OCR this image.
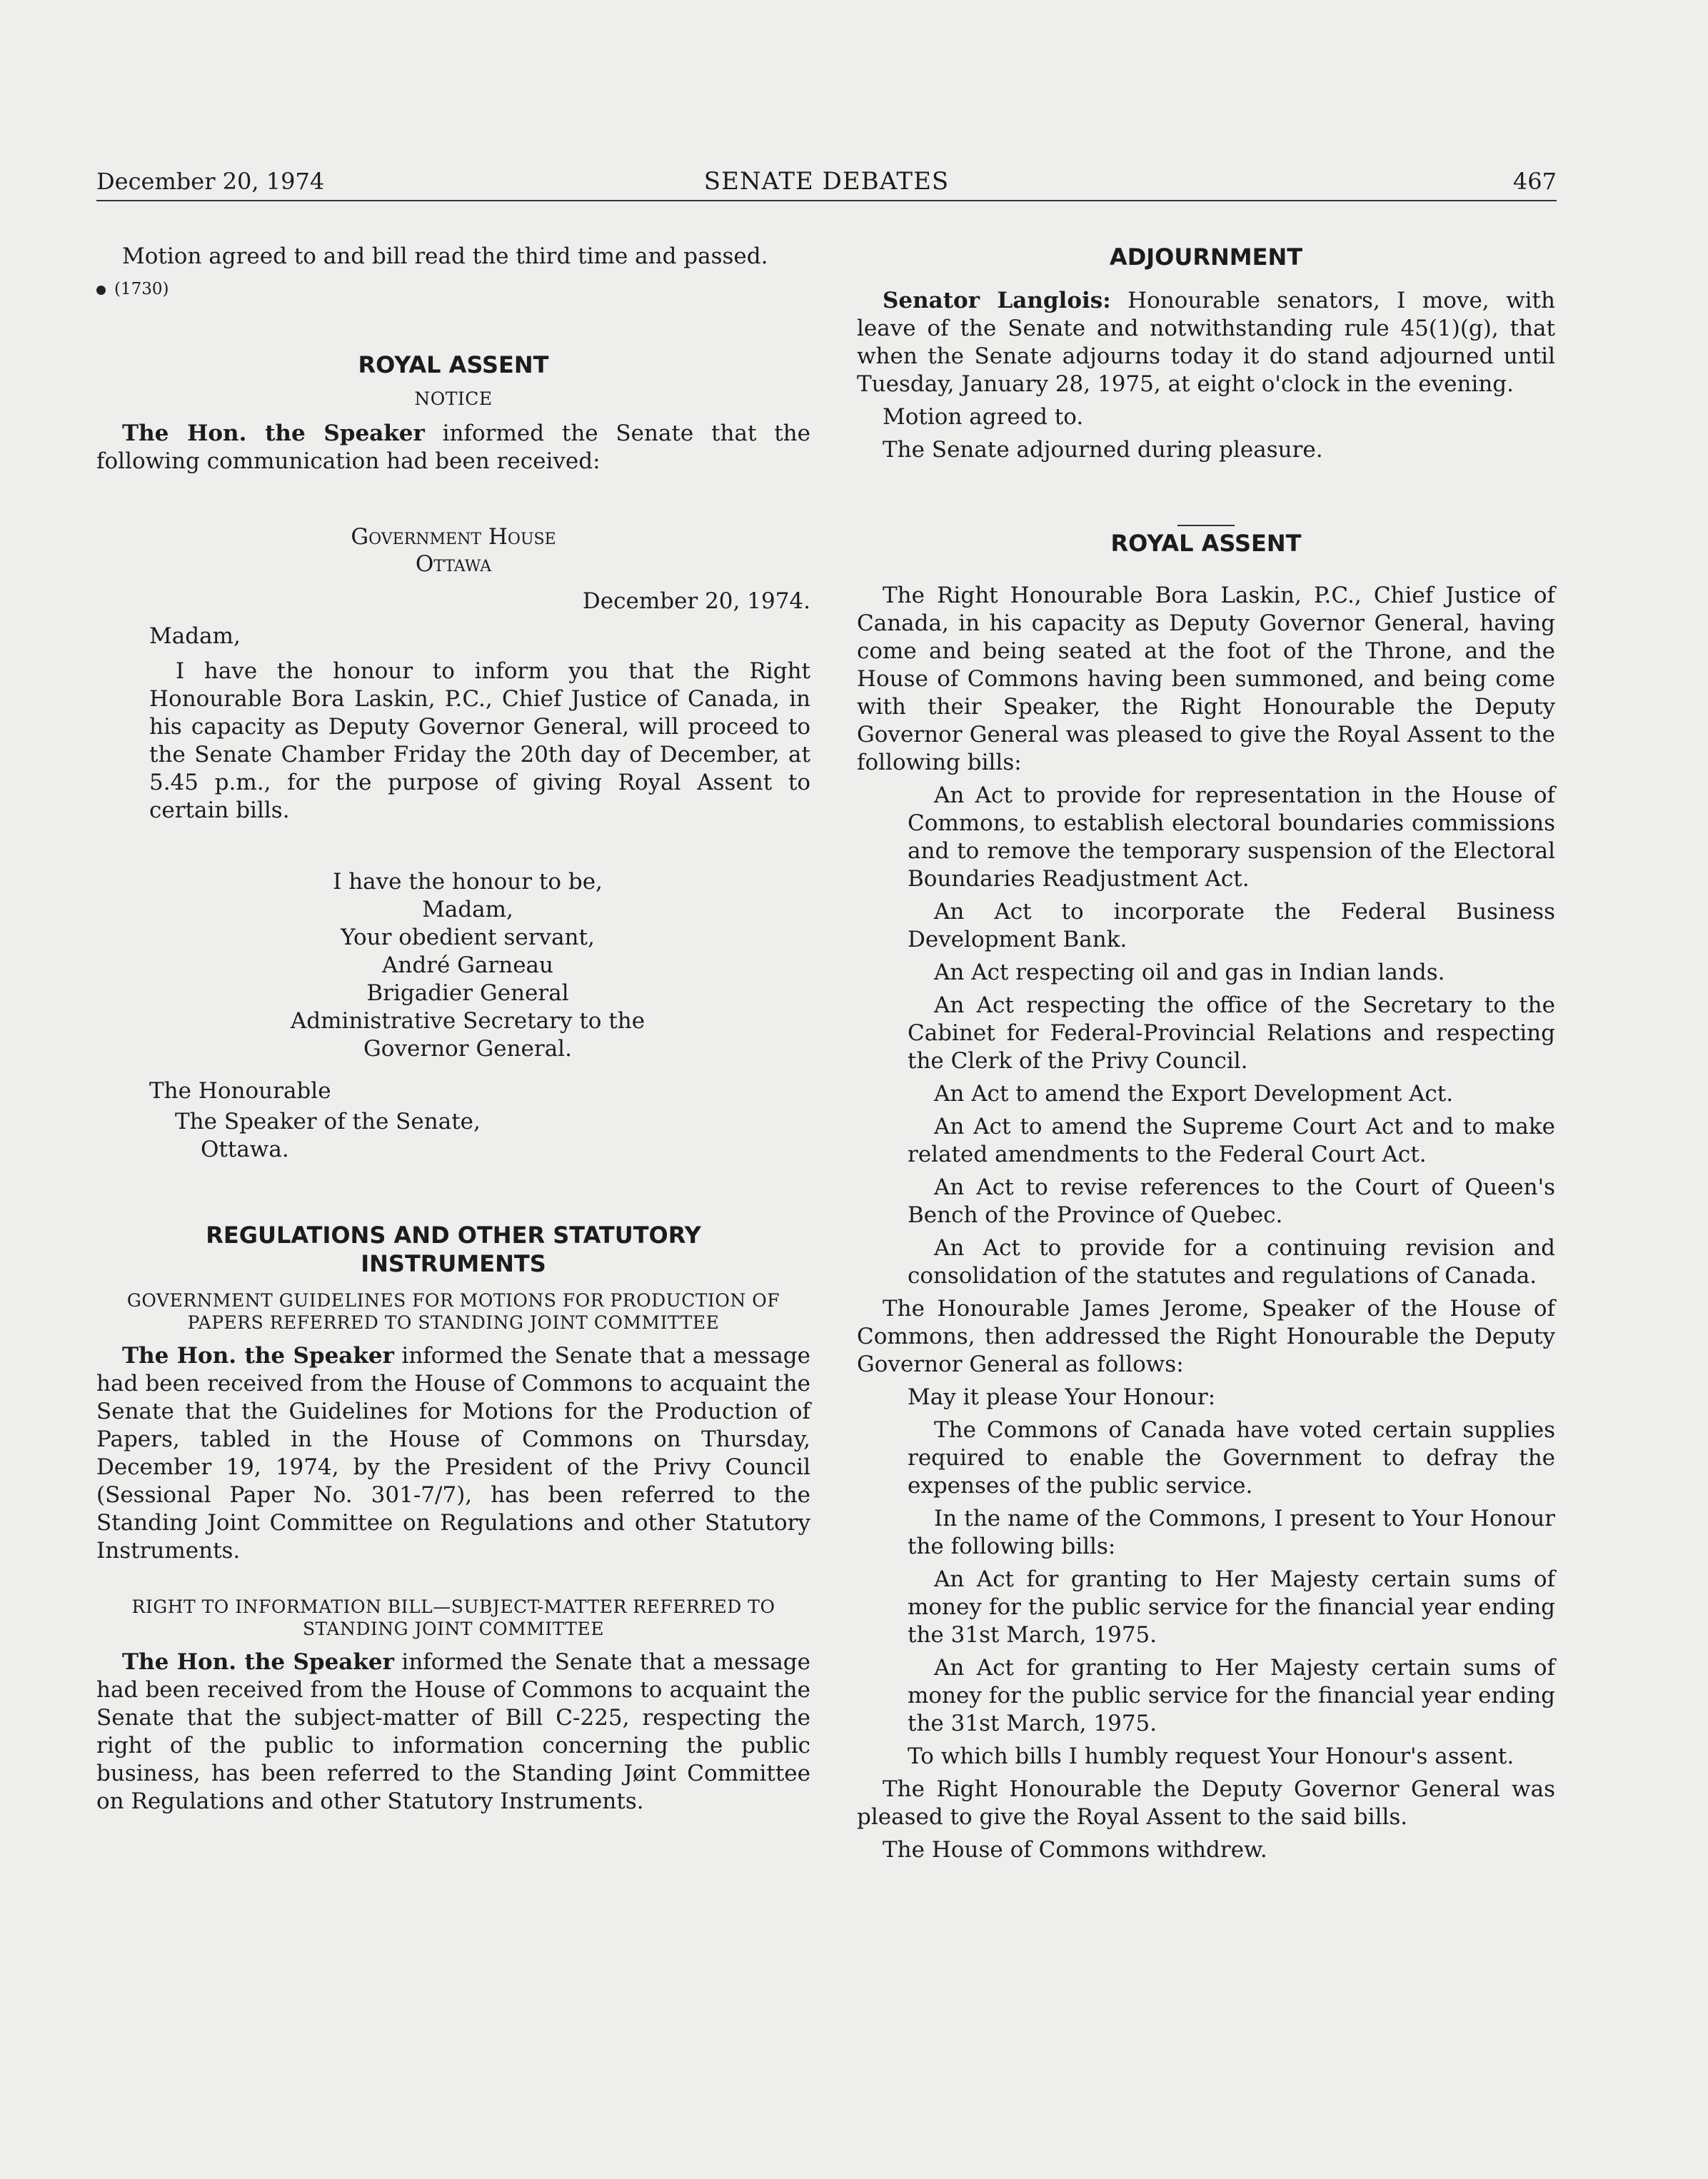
December 20, 1974	SENATE DEBATES	467

Motion agreed to and bill read the third time and passed.

(1730)

ROYAL ASSENT

NOTICE

The Hon. the Speaker informed the Senate that the following communication had been received:

Government House
Ottawa
December 20, 1974.
Madam,

I have the honour to inform you that the Right Honourable Bora Laskin, P.C., Chief Justice of Canada, in his capacity as Deputy Governor General, will proceed to the Senate Chamber Friday the 20th day of December, at 5.45 p.m., for the purpose of giving Royal Assent to certain bills.

I have the honour to be,
Madam,
Your obedient servant,
André Garneau
Brigadier General
Administrative Secretary to the
Governor General.
The Honourable
The Speaker of the Senate,
Ottawa.

REGULATIONS AND OTHER STATUTORY INSTRUMENTS

GOVERNMENT GUIDELINES FOR MOTIONS FOR PRODUCTION OF PAPERS REFERRED TO STANDING JOINT COMMITTEE

The Hon. the Speaker informed the Senate that a message had been received from the House of Commons to acquaint the Senate that the Guidelines for Motions for the Production of Papers, tabled in the House of Commons on Thursday, December 19, 1974, by the President of the Privy Council (Sessional Paper No. 301-7/7), has been referred to the Standing Joint Committee on Regulations and other Statutory Instruments.

RIGHT TO INFORMATION BILL—SUBJECT-MATTER REFERRED TO STANDING JOINT COMMITTEE

The Hon. the Speaker informed the Senate that a message had been received from the House of Commons to acquaint the Senate that the subject-matter of Bill C-225, respecting the right of the public to information concerning the public business, has been referred to the Standing Jøint Committee on Regulations and other Statutory Instruments.

ADJOURNMENT

Senator Langlois: Honourable senators, I move, with leave of the Senate and notwithstanding rule 45(1)(g), that when the Senate adjourns today it do stand adjourned until Tuesday, January 28, 1975, at eight o'clock in the evening.

Motion agreed to.

The Senate adjourned during pleasure.

ROYAL ASSENT

The Right Honourable Bora Laskin, P.C., Chief Justice of Canada, in his capacity as Deputy Governor General, having come and being seated at the foot of the Throne, and the House of Commons having been summoned, and being come with their Speaker, the Right Honourable the Deputy Governor General was pleased to give the Royal Assent to the following bills:

An Act to provide for representation in the House of Commons, to establish electoral boundaries commissions and to remove the temporary suspension of the Electoral Boundaries Readjustment Act.

An Act to incorporate the Federal Business Development Bank.

An Act respecting oil and gas in Indian lands.

An Act respecting the office of the Secretary to the Cabinet for Federal-Provincial Relations and respecting the Clerk of the Privy Council.

An Act to amend the Export Development Act.

An Act to amend the Supreme Court Act and to make related amendments to the Federal Court Act.

An Act to revise references to the Court of Queen's Bench of the Province of Quebec.

An Act to provide for a continuing revision and consolidation of the statutes and regulations of Canada.

The Honourable James Jerome, Speaker of the House of Commons, then addressed the Right Honourable the Deputy Governor General as follows:

May it please Your Honour:

The Commons of Canada have voted certain supplies required to enable the Government to defray the expenses of the public service.

In the name of the Commons, I present to Your Honour the following bills:

An Act for granting to Her Majesty certain sums of money for the public service for the financial year ending the 31st March, 1975.

An Act for granting to Her Majesty certain sums of money for the public service for the financial year ending the 31st March, 1975.

To which bills I humbly request Your Honour's assent.

The Right Honourable the Deputy Governor General was pleased to give the Royal Assent to the said bills.

The House of Commons withdrew.
